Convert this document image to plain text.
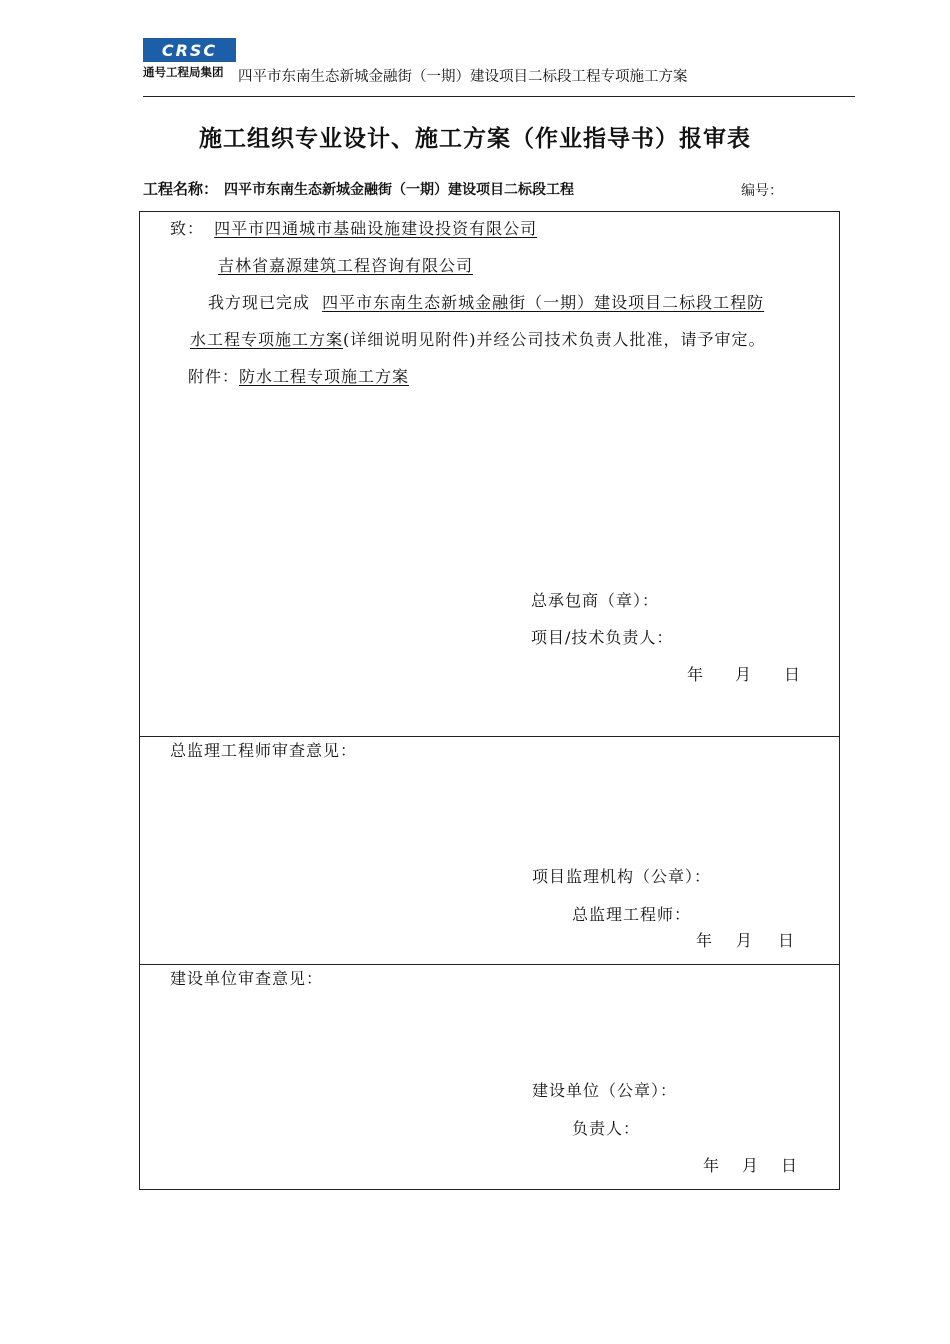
CRSC
通号工程局集团 四平市东南生态新城金融街（一期）建设项目二标段工程专项施工方案
施工组织专业设计、施工方案（作业指导书）报审表
工程名称： 四平市东南生态新城金融街（一期）建设项目二标段工程	编号：
致： 四平市四通城市基础设施建设投资有限公司
吉林省嘉源建筑工程咨询有限公司
我方现已完成 四平市东南生态新城金融街（一期）建设项目二标段工程防
水工程专项施工方案(详细说明见附件)并经公司技术负责人批准，请予审定。
附件：防水工程专项施工方案
总承包商（章）：
项目/技术负责人：
年 月 日
总监理工程师审查意见：
项目监理机构（公章）：
总监理工程师：
年 月 日
建设单位审查意见：
建设单位（公章）：
负责人：
年 月 日
